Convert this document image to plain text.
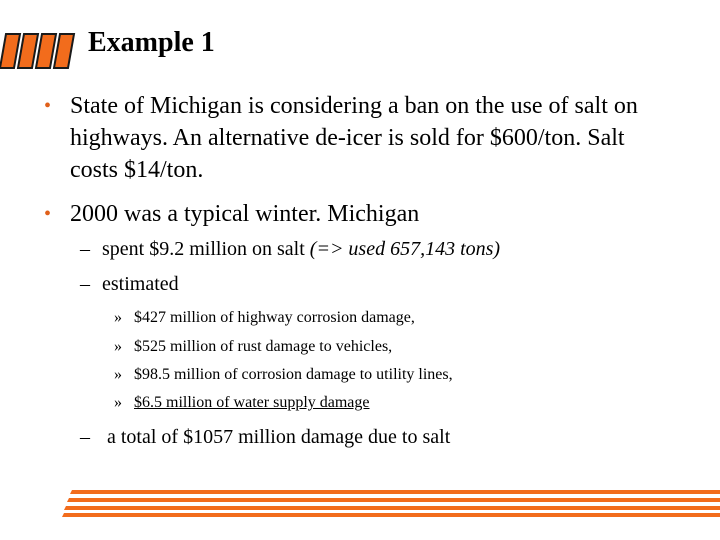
Example 1
• State of Michigan is considering a ban on the use of salt on highways. An alternative de-icer is sold for $600/ton. Salt costs $14/ton.
• 2000 was a typical winter. Michigan
– spent $9.2 million on salt (=> used 657,143 tons)
– estimated
» $427 million of highway corrosion damage,
» $525 million of rust damage to vehicles,
» $98.5 million of corrosion damage to utility lines,
» $6.5 million of water supply damage
– a total of $1057 million damage due to salt
